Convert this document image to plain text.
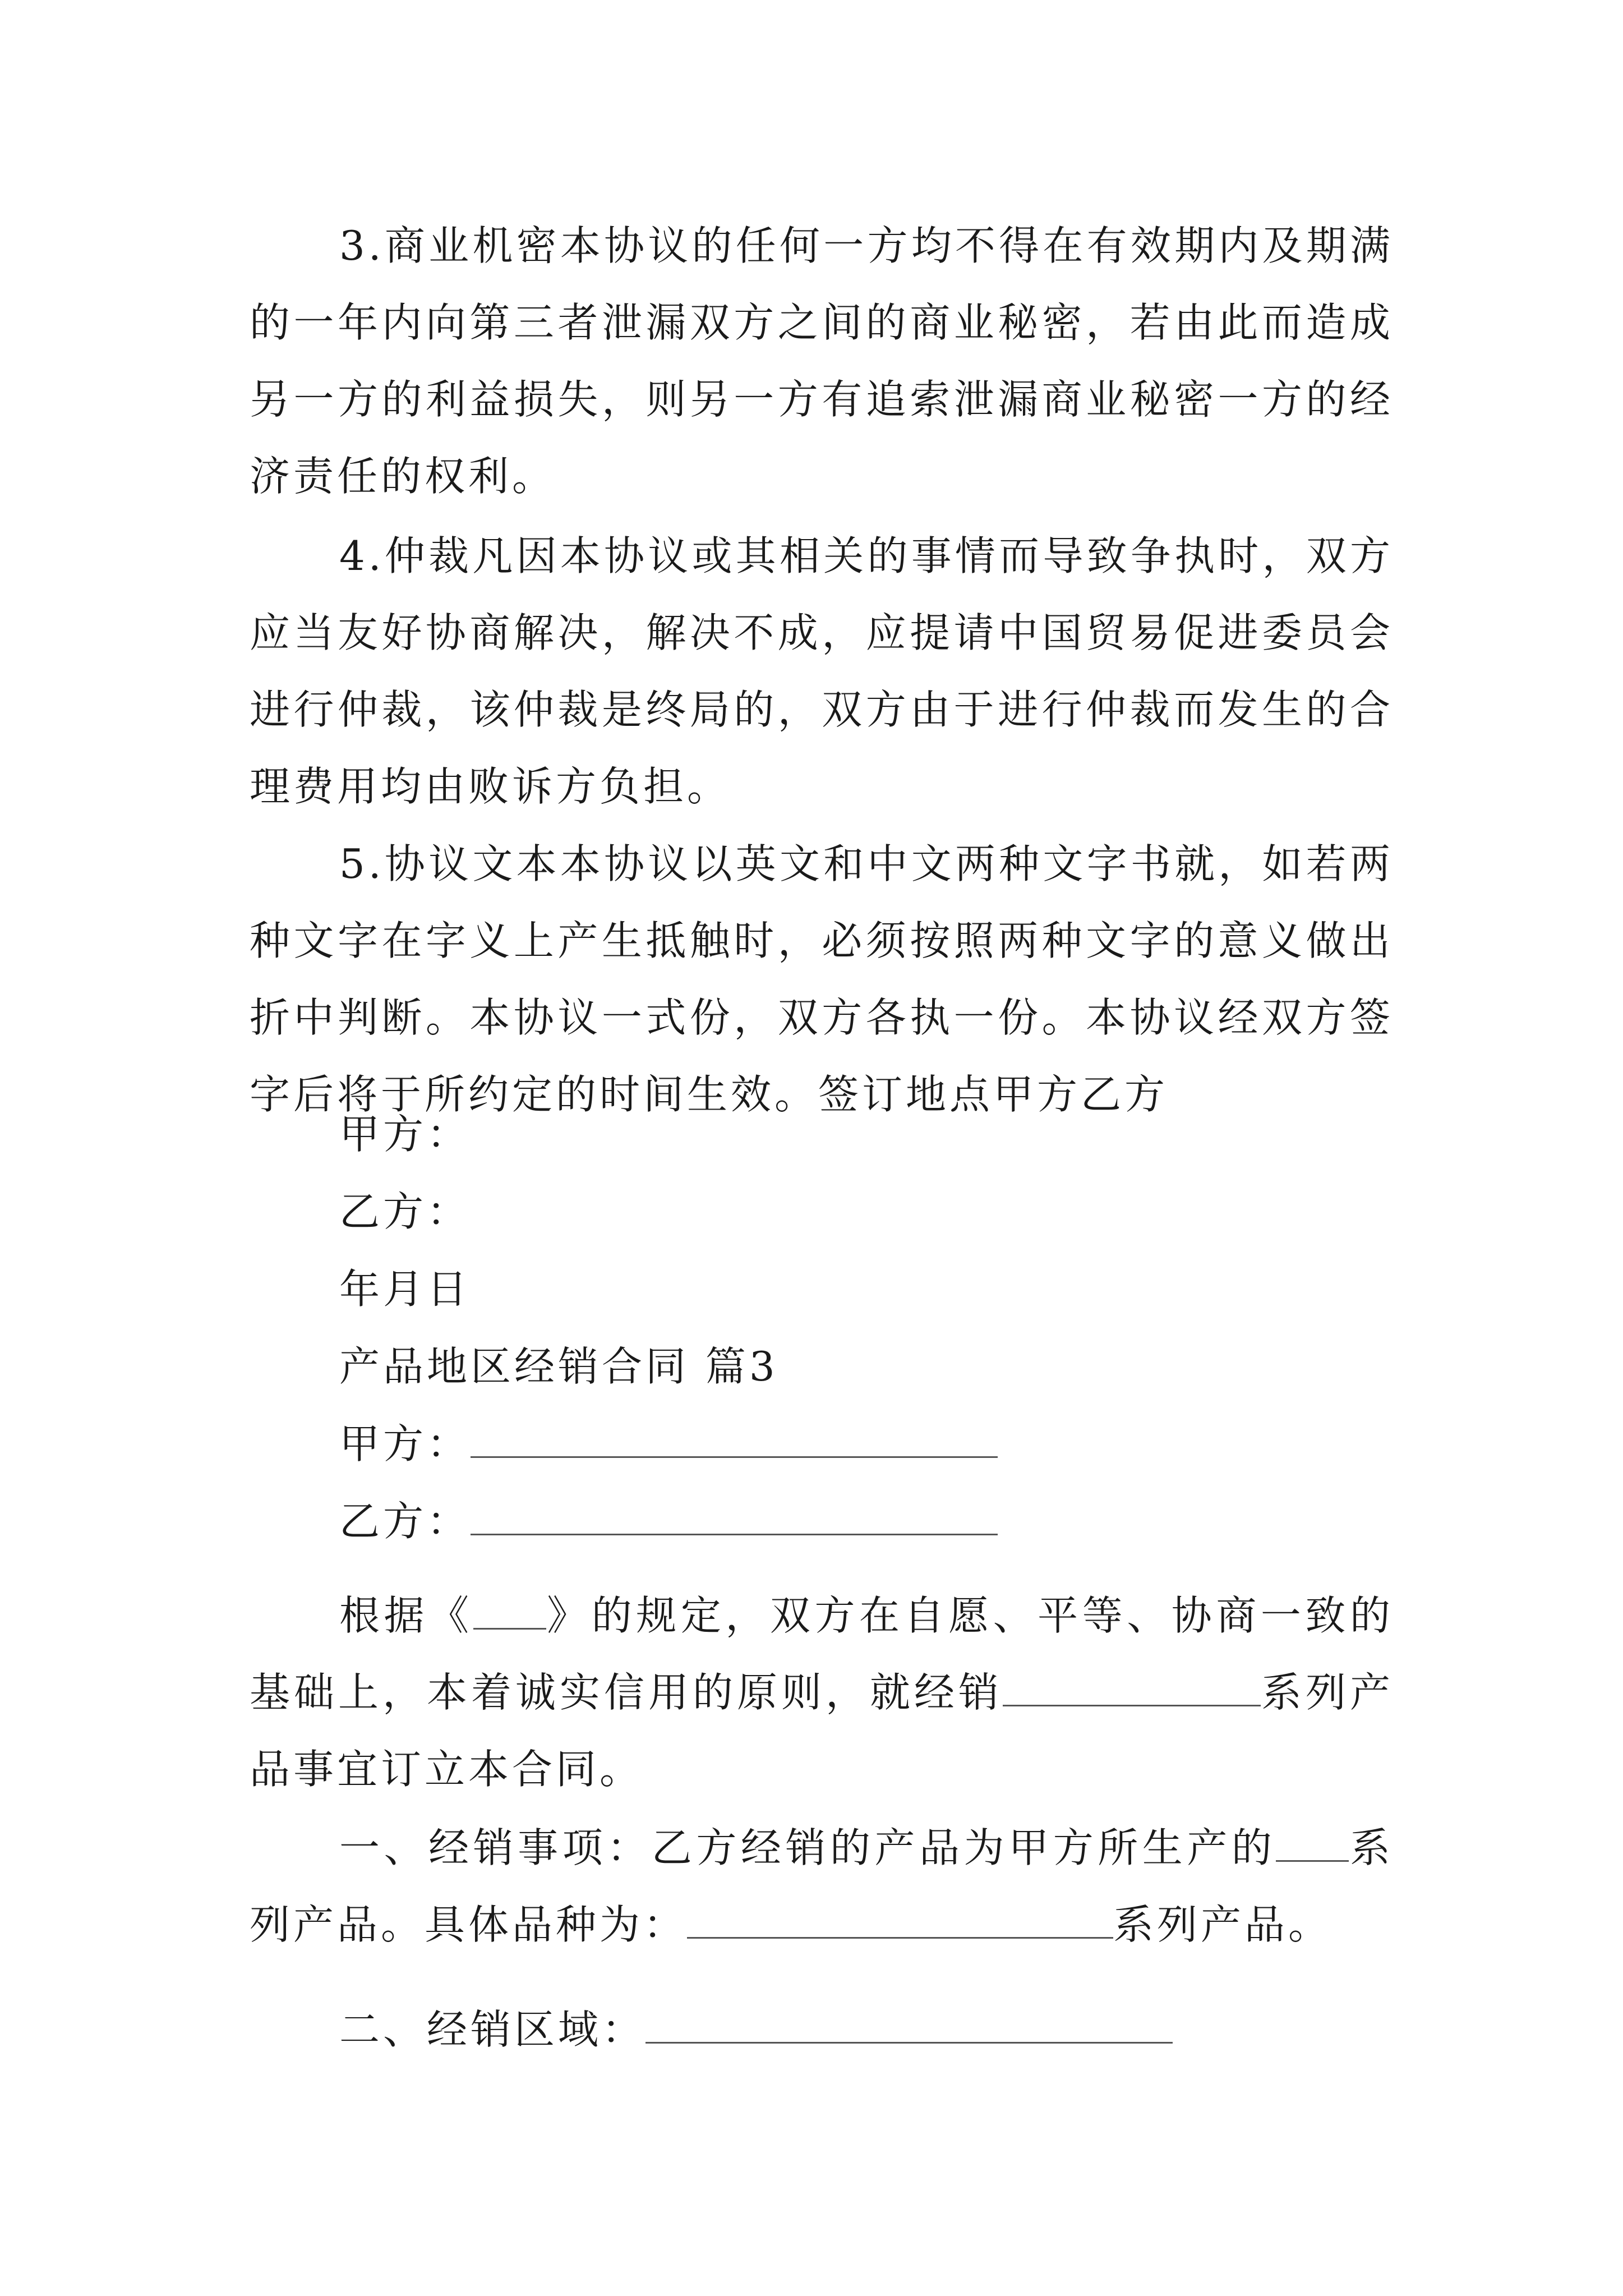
3.商业机密本协议的任何一方均不得在有效期内及期满的一年内向第三者泄漏双方之间的商业秘密，若由此而造成另一方的利益损失，则另一方有追索泄漏商业秘密一方的经济责任的权利。

4.仲裁凡因本协议或其相关的事情而导致争执时，双方应当友好协商解决，解决不成，应提请中国贸易促进委员会进行仲裁，该仲裁是终局的，双方由于进行仲裁而发生的合理费用均由败诉方负担。

5.协议文本本协议以英文和中文两种文字书就，如若两种文字在字义上产生抵触时，必须按照两种文字的意义做出折中判断。本协议一式份，双方各执一份。本协议经双方签字后将于所约定的时间生效。签订地点甲方乙方

甲方：
乙方：
年月日
产品地区经销合同 篇3
甲方：
乙方：

根据《 》的规定，双方在自愿、平等、协商一致的基础上，本着诚实信用的原则，就经销	系列产品事宜订立本合同。

一、经销事项：乙方经销的产品为甲方所生产的 系列产品。具体品种为：	系列产品。

二、经销区域：
